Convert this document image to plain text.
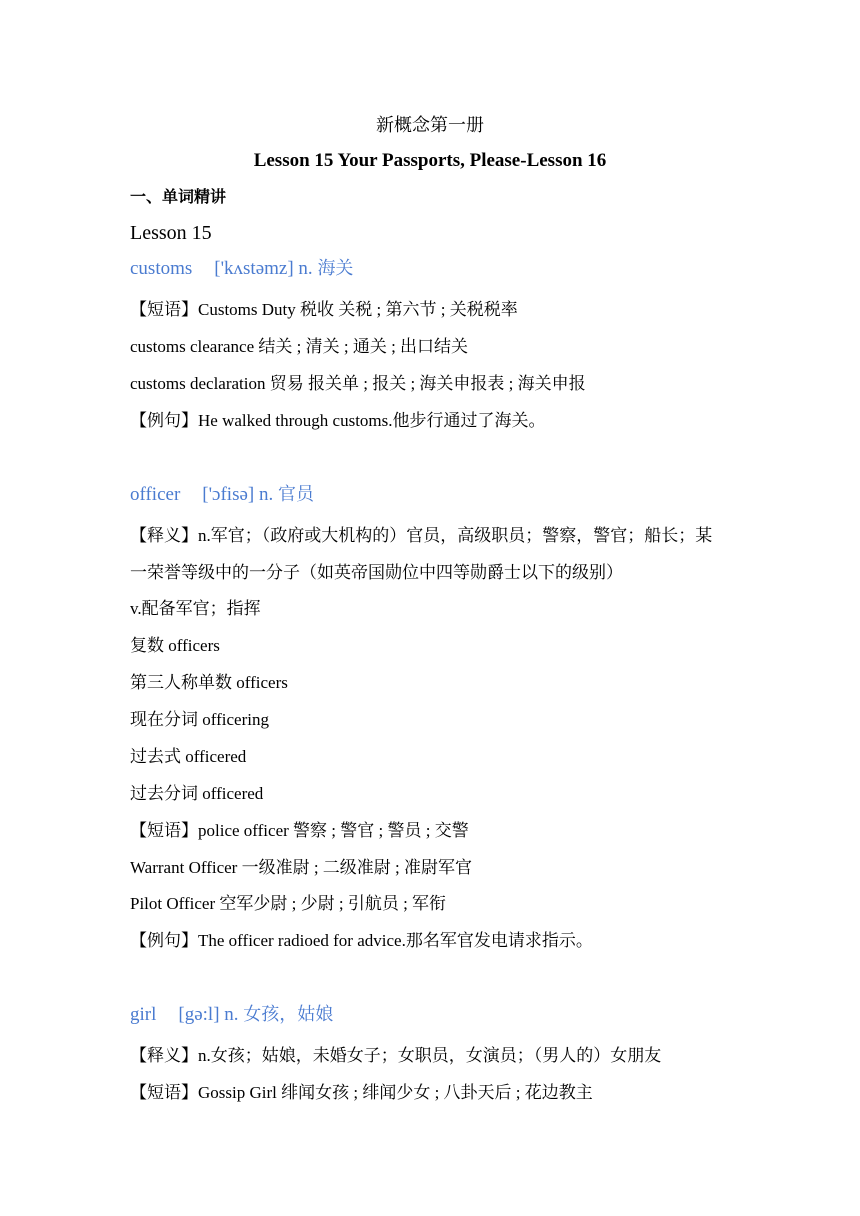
新概念第一册
Lesson 15 Your Passports, Please-Lesson 16
一、单词精讲
Lesson 15
customs ['kʌstəmz] n. 海关
【短语】Customs Duty 税收 关税 ; 第六节 ; 关税税率
customs clearance 结关 ; 清关 ; 通关 ; 出口结关
customs declaration 贸易 报关单 ; 报关 ; 海关申报表 ; 海关申报
【例句】He walked through customs.他步行通过了海关。
officer ['ɔfisə] n. 官员
【释义】n.军官；（政府或大机构的）官员，高级职员；警察，警官；船长；某
一荣誉等级中的一分子（如英帝国勋位中四等勋爵士以下的级别）
v.配备军官；指挥
复数 officers
第三人称单数 officers
现在分词 officering
过去式 officered
过去分词 officered
【短语】police officer 警察 ; 警官 ; 警员 ; 交警
Warrant Officer 一级准尉 ; 二级准尉 ; 准尉军官
Pilot Officer 空军少尉 ; 少尉 ; 引航员 ; 军衔
【例句】The officer radioed for advice.那名军官发电请求指示。
girl [gə:l] n. 女孩，姑娘
【释义】n.女孩；姑娘，未婚女子；女职员，女演员；（男人的）女朋友
【短语】Gossip Girl 绯闻女孩 ; 绯闻少女 ; 八卦天后 ; 花边教主
